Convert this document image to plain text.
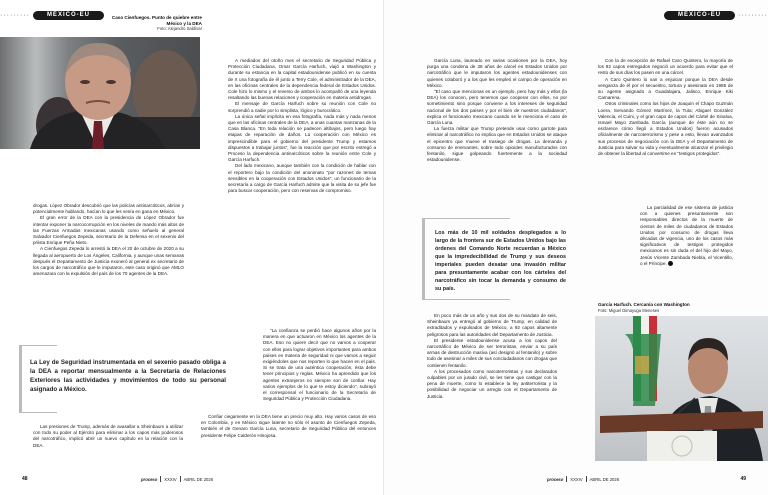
·········	MÉXICO-EU	Caso Cienfuegos. Punto de quiebre entre México y la DEA
Foto: Alejandro Saldívar

drogas. López Obrador descubrió que las policías antinarcóticos, abrían y potencialmente hablando, hacían lo que les venía en gana en México.

El gran error de la DEA con la presidencia de López Obrador fue intentar exponer la narcocorrupción en los niveles de mando más altos de las Fuerzas Armadas mexicanas usando como señuelo al general Salvador Cienfuegos Zepeda, secretario de la Defensa en el sexenio del priista Enrique Peña Nieto.

A Cienfuegos Zepeda lo arrestó la DEA el 20 de octubre de 2020 a su llegada al aeropuerto de Los Ángeles, California, y aunque unas semanas después el Departamento de Justicia exoneró al general ex secretario de los cargos de narcotráfico que le imputaron, este caso originó que AMLO amenazara con la expulsión del país de los 70 agentes de la DEA.

La Ley de Seguridad instrumentada en el sexenio pasado obliga a la DEA a reportar mensualmente a la Secretaría de Relaciones Exteriores las actividades y movimientos de todo su personal asignado a México.

Las presiones de Trump, además de avasallar a Sheinbaum a utilizar con todo su poder al Ejército para eliminar a los capos más poderosos del narcotráfico, implicó abrir un nuevo capítulo en la relación con la DEA.

A mediados del otoño mes el secretario de Seguridad Pública y Protección Ciudadana, Omar García Harfuch, viajó a Washington y durante su estancia en la capital estadounidense publicó en su cuenta de X una fotografía de él junto a Terry Cole, el administrador de la DEA, en las oficinas centrales de la dependencia federal de Estados Unidos. Cole hizo lo mismo y el reverso de ambos lo acompañó de una leyenda resaltando las buenas relaciones y cooperación en materia antidrogas.

El mensaje de García Harfuch sobre su reunión con Cole no sorprendió a nadie por lo simplista, lógico y burocrático.

La única señal implícita en esa fotografía, nada más y nada menos que en las oficinas centrales de la DEA, a unas cuantas manzanas de la Casa Blanca. "En toda relación se padecen altibajos, pero luego hay etapas de reparación de daños. La cooperación con México es imprescindible para el gobierno del presidente Trump y estamos dispuestos a trabajar juntos", fue la reacción que por escrito entregó a Proceso la dependencia antinarcóticos sobre la reunión entre Cole y García Harfuch.

Del lado mexicano, aunque también con la condición de hablar con el reportero bajo la condición del anonimato "por razones de temas sensibles en la cooperación con Estados Unidos", un funcionario de la secretaría a cargo de García Harfuch admite que la visita de su jefe fue para buscar cooperación, pero con reservas de compromiso.

"La confianza se perdió hace algunos años por la manera en que actuaron en México los agentes de la DEA. Eso no quiere decir que no vamos a cooperar con ellos para lograr objetivos importantes para ambos países en materia de seguridad ni que vamos a seguir exigiéndoles que nos reporten lo que hacen en el país. Si se trata de una auténtica cooperación, ésta debe tener principios y reglas. México ha aprendido que los agentes extranjeros no siempre son de confiar. Hay varios ejemplos de lo que te estoy diciendo", subrayó el corresponsal el funcionario de la Secretaría de Seguridad Pública y Protección Ciudadana.

Confiar ciegamente en la DEA tiene un precio muy alto. Hay varios casos de eso en Colombia, y en México sigue latente no sólo el asunto de Cienfuegos Zepeda, también el de Genaro García Luna, secretario de Seguridad Pública del entonces presidente Felipe Calderón Hinojosa.

48	proceso XXXIV ABRIL DE 2026
MÉXICO-EU	·········

García Luna, laureado en varias ocasiones por la DEA, hoy purga una condena de 38 años de cárcel en Estados Unidos por narcotráfico que le imputaron los agentes estadounidenses con quienes colaboró y a los que les empleó el campo de operación en México.

"El caso que mencionas es un ejemplo, pero hay más y ellos (la DEA) los conocen, pero tenemos que cooperar con ellos, no por sometimiento sino porque conviene a los intereses de seguridad nacional de los dos países y por el bien de nuestros ciudadanos", explica el funcionario mexicano cuando se le menciona el caso de García Luna.

La fuerza militar que Trump pretende usar como garrote para eliminar al narcotráfico no implica que en Estados Unidos se ataque el epicentro que mueve el trasiego de drogas. La demanda y consumo de enervantes, sobre todo opioides manufacturados con fentanilo, sigue golpeando fuertemente a la sociedad estadounidense.

Los más de 10 mil soldados desplegados a lo largo de la frontera sur de Estados Unidos bajo las órdenes del Comando Norte recuerdan a México que la impredecibilidad de Trump y sus deseos imperiales pueden desatar una invasión militar para presuntamente acabar con los cárteles del narcotráfico sin tocar la demanda y consumo de su país.

En poco más de un año y sus dos de su mandato de seis, Sheinbaum ya entregó al gobierno de Trump, en calidad de extraditados y expulsados de México, a 92 capos altamente peligrosos para las autoridades del Departamento de Justicia.

El presidente estadounidense acusa a los capos del narcotráfico de México de ser terroristas, enviar a su país armas de destrucción masiva (así designó al fentanilo) y sobre todo de asesinar a miles de sus conciudadanos con drogas que contienen fentanilo.

A los procesados como narcoterroristas y sus declarados culpables por un jurado civil, se les tiene que castigar con la pena de muerte, como lo establece la ley antiterrorista y la posibilidad de negociar un arreglo con el Departamento de Justicia.

Con la de excepción de Rafael Caro Quintero, la mayoría de los 92 capos entregados negoció un acuerdo para evitar que el resto de sus días los pasen en una cárcel.

A Caro Quintero lo van a enjuiciar porque la DEA desde venganza de él por el secuestro, tortura y asesinato en 1985 de su agente asignado a Guadalajara, Jalisco, Enrique Kiki Camarena.

Otros criminales como los hijos de Joaquín el Chapo Guzmán Loera, Servando Gómez Martínez, la Tuta; Abigael González Valencia, el Cuini, y el gran capo de capos del Cártel de Sinaloa, Ismael Mayo Zambada García (aunque de éste aún no se esclarece cómo llegó a Estados Unidos) fueron acusados oficialmente de narcoterrorismo y pese a esto, llevan avanzados sus procesos de negociación con la DEA y el Departamento de Justicia para salvar su vida y eventualmente alcanzar el privilegio de obtener la libertad al convertirse en "testigos protegidos".

La parcialidad de ese sistema de justicia con a quienes presuntamente son responsables directos de la muerte de cientos de miles de ciudadanos de Estados Unidos por consumo de drogas lleva décadas de vigencia, uno de los casos más significativos de testigos protegidos mexicanos es sin duda el del hijo del Mayo, Jesús Vicente Zambada Niebla, el Vicentillo, o el Príncipe.

García Harfuch. Cercanía con Washington
Foto: Miguel Dimayuga Meneses
49
proceso XXXIV ABRIL DE 2026
